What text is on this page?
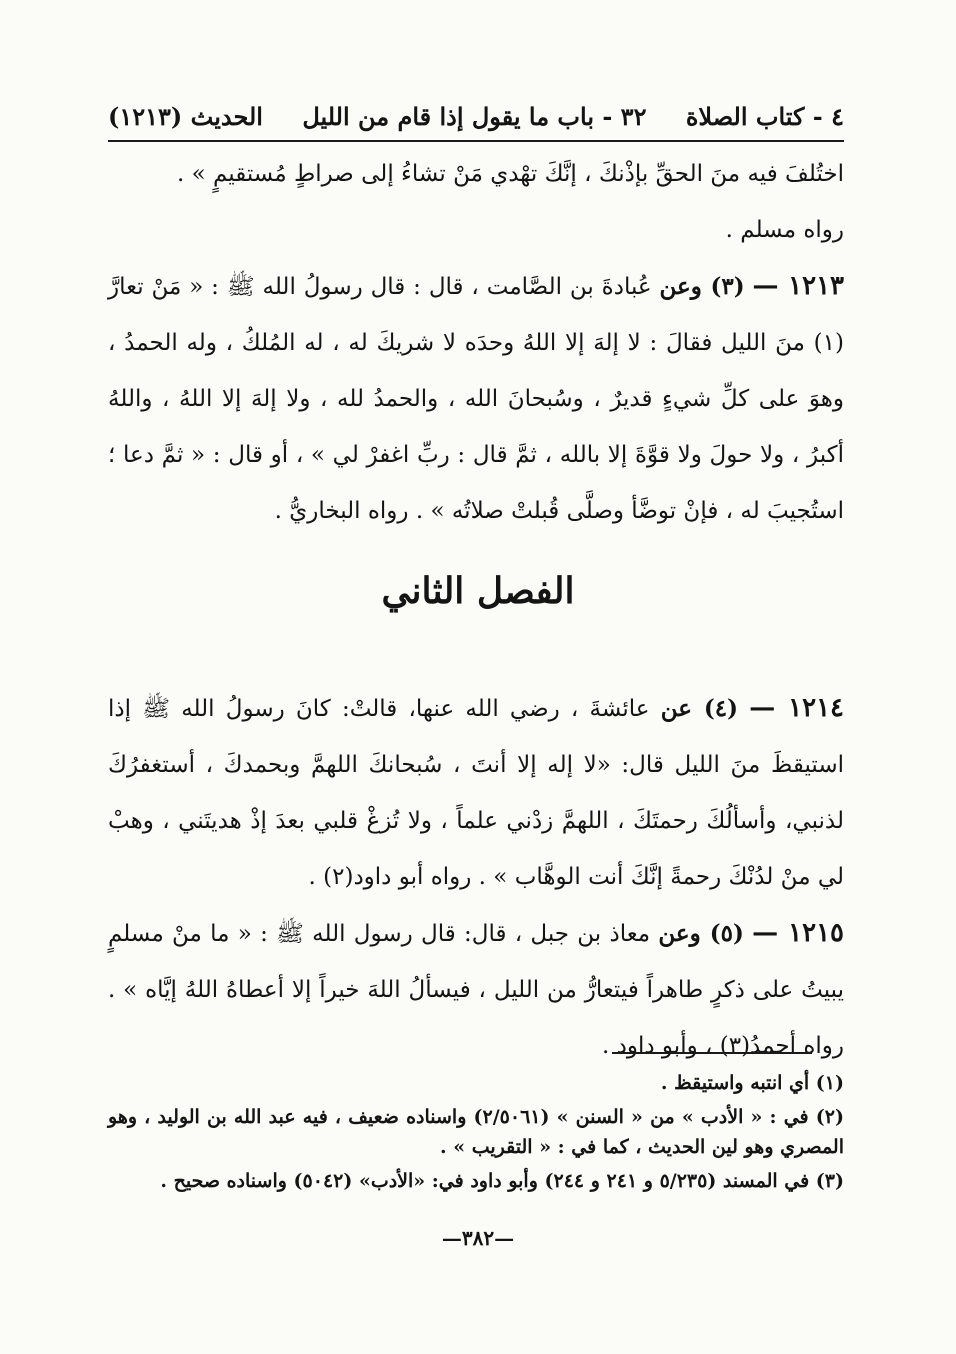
٤ - كتاب الصلاة
٣٢ - باب ما يقول إذا قام من الليل
الحديث (١٢١٣)

اختُلفَ فيه منَ الحقِّ بإذْنكَ ، إنَّكَ تهْدي مَنْ تشاءُ إلى صراطٍ مُستقيمٍ » .

رواه مسلم .

١٢١٣ — (٣) وعن عُبادةَ بن الصَّامت ، قال : قال رسولُ الله ﷺ : « مَنْ تعارَّ (١) منَ الليل فقالَ : لا إلهَ إلا اللهُ وحدَه لا شريكَ له ، له المُلكُ ، وله الحمدُ ، وهوَ على كلِّ شيءٍ قديرٌ ، وسُبحانَ الله ، والحمدُ لله ، ولا إلهَ إلا اللهُ ، واللهُ أكبرُ ، ولا حولَ ولا قوَّةَ إلا بالله ، ثمَّ قال : ربِّ اغفرْ لي » ، أو قال : « ثمَّ دعا ؛ استُجيبَ له ، فإنْ توضَّأ وصلَّى قُبلتْ صلاتُه » . رواه البخاريُّ .

الفصل الثاني

١٢١٤ — (٤) عن عائشةَ ، رضي الله عنها، قالتْ: كانَ رسولُ الله ﷺ إذا استيقظَ منَ الليل قال: «لا إله إلا أنتَ ، سُبحانكَ اللهمَّ وبحمدكَ ، أستغفرُكَ لذنبي، وأسألُكَ رحمتَكَ ، اللهمَّ زدْني علماً ، ولا تُزغْ قلبي بعدَ إذْ هديتَني ، وهبْ لي منْ لدُنْكَ رحمةً إنَّكَ أنت الوهَّاب » . رواه أبو داود(٢) .

١٢١٥ — (٥) وعن معاذ بن جبل ، قال: قال رسول الله ﷺ : « ما منْ مسلمٍ يبيتُ على ذكرٍ طاهراً فيتعارُّ من الليل ، فيسألُ اللهَ خيراً إلا أعطاهُ اللهُ إيَّاه » . رواه أحمدُ(٣) ، وأبو داود .

(١) أي انتبه واستيقظ .

(٢) في : « الأدب » من « السنن » (٢/٥٠٦١) واسناده ضعيف ، فيه عبد الله بن الوليد ، وهو المصري وهو لين الحديث ، كما في : « التقريب » .

(٣) في المسند (٥/٢٣٥ و ٢٤١ و ٢٤٤) وأبو داود في: «الأدب» (٥٠٤٢) واسناده صحيح .

—٣٨٢—
